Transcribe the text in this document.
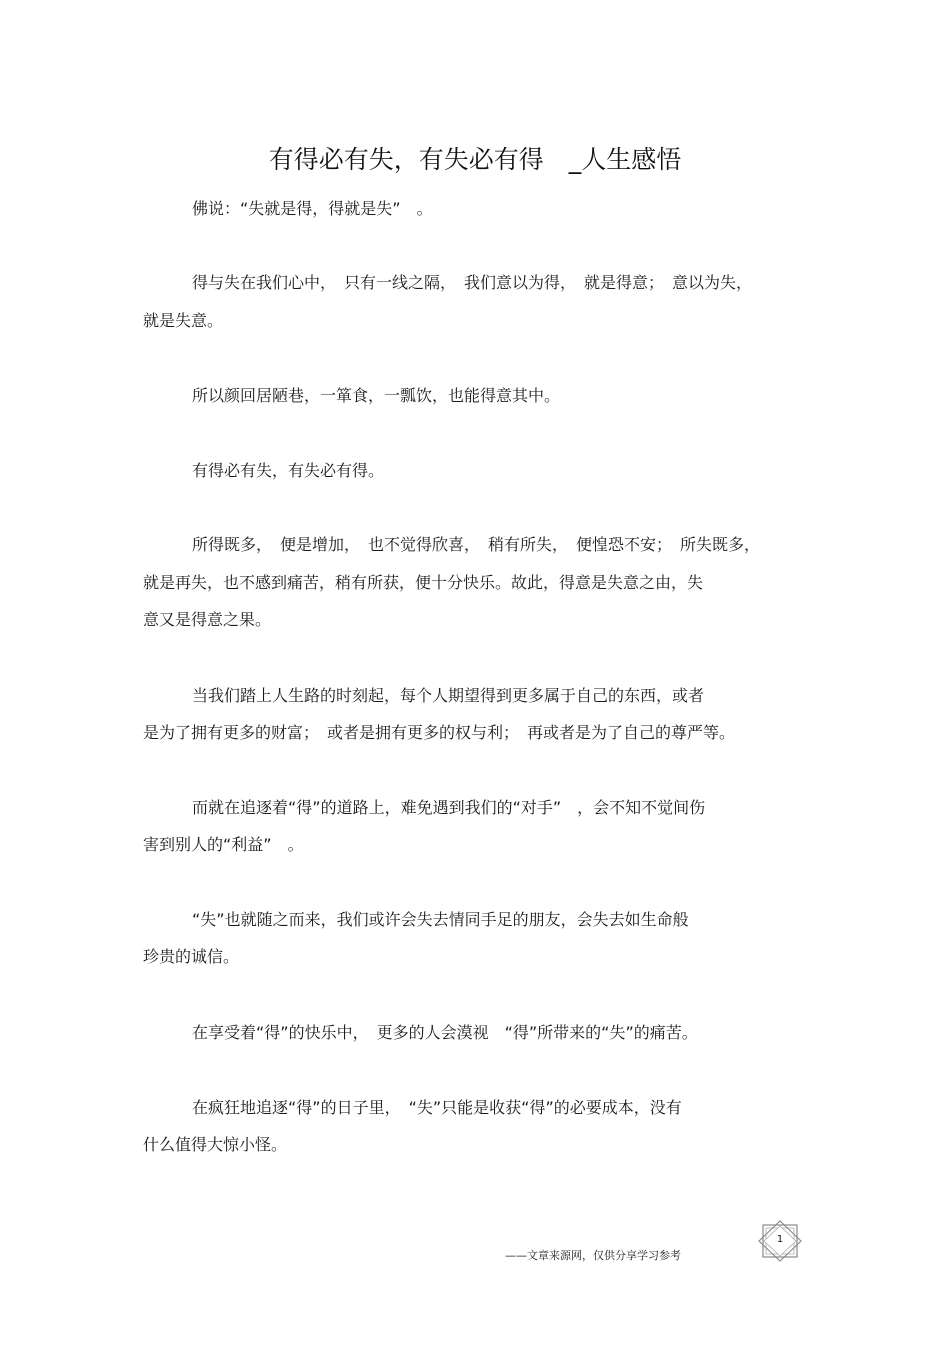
有得必有失，有失必有得　_人生感悟
佛说：“失就是得，得就是失”　。
得与失在我们心中，　只有一线之隔，　我们意以为得，　就是得意；　意以为失，
就是失意。
所以颜回居陋巷，一箪食，一瓢饮，也能得意其中。
有得必有失，有失必有得。
所得既多，　便是增加，　也不觉得欣喜，　稍有所失，　便惶恐不安；　所失既多，
就是再失，也不感到痛苦，稍有所获，便十分快乐。故此，得意是失意之由，失
意又是得意之果。
当我们踏上人生路的时刻起，每个人期望得到更多属于自己的东西，或者
是为了拥有更多的财富；　或者是拥有更多的权与利；　再或者是为了自己的尊严等。
而就在追逐着“得”的道路上，难免遇到我们的“对手”　，会不知不觉间伤
害到别人的“利益”　。
“失”也就随之而来，我们或许会失去情同手足的朋友，会失去如生命般
珍贵的诚信。
在享受着“得”的快乐中，　更多的人会漠视　“得”所带来的“失”的痛苦。
在疯狂地追逐“得”的日子里，　“失”只能是收获“得”的必要成本，没有
什么值得大惊小怪。
——文章来源网，仅供分享学习参考
1
